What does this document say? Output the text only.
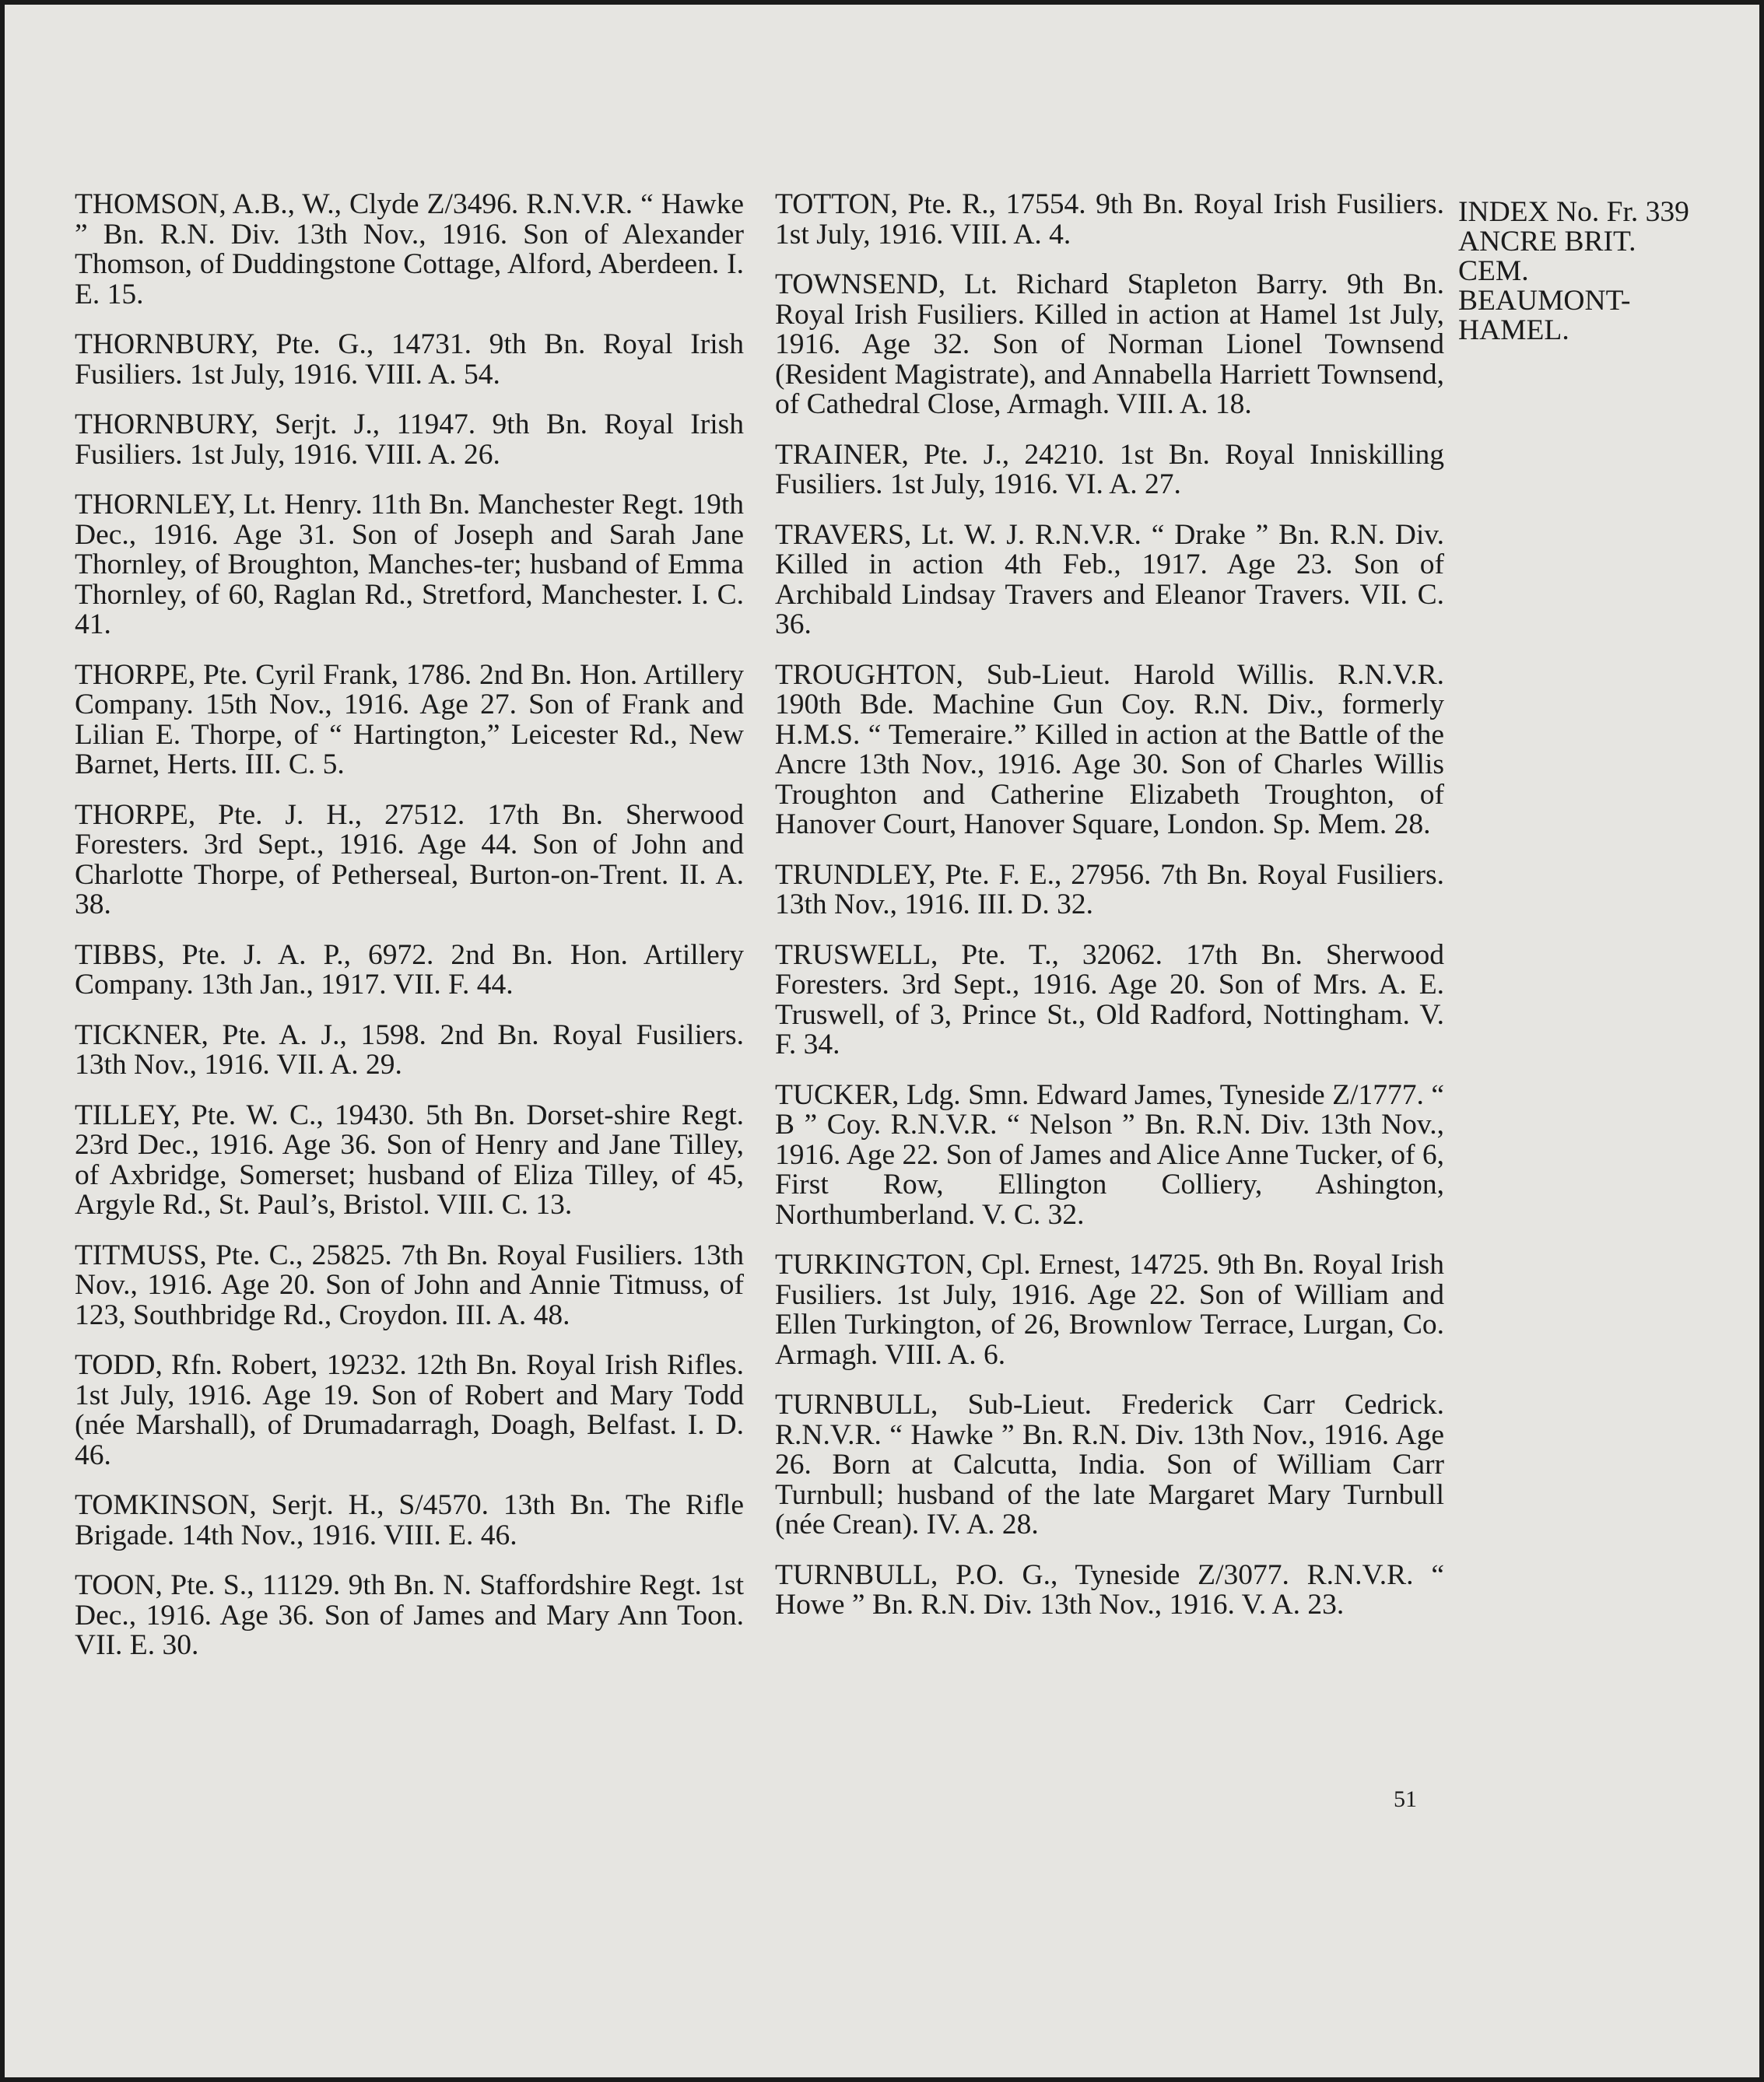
THOMSON, A.B., W., Clyde Z/3496. R.N.V.R. “ Hawke ” Bn. R.N. Div. 13th Nov., 1916. Son of Alexander Thomson, of Duddingstone Cottage, Alford, Aberdeen. I. E. 15.

THORNBURY, Pte. G., 14731. 9th Bn. Royal Irish Fusiliers. 1st July, 1916. VIII. A. 54.

THORNBURY, Serjt. J., 11947. 9th Bn. Royal Irish Fusiliers. 1st July, 1916. VIII. A. 26.

THORNLEY, Lt. Henry. 11th Bn. Manchester Regt. 19th Dec., 1916. Age 31. Son of Joseph and Sarah Jane Thornley, of Broughton, Manches-ter; husband of Emma Thornley, of 60, Raglan Rd., Stretford, Manchester. I. C. 41.

THORPE, Pte. Cyril Frank, 1786. 2nd Bn. Hon. Artillery Company. 15th Nov., 1916. Age 27. Son of Frank and Lilian E. Thorpe, of “ Hartington,” Leicester Rd., New Barnet, Herts. III. C. 5.

THORPE, Pte. J. H., 27512. 17th Bn. Sherwood Foresters. 3rd Sept., 1916. Age 44. Son of John and Charlotte Thorpe, of Petherseal, Burton-on-Trent. II. A. 38.

TIBBS, Pte. J. A. P., 6972. 2nd Bn. Hon. Artillery Company. 13th Jan., 1917. VII. F. 44.

TICKNER, Pte. A. J., 1598. 2nd Bn. Royal Fusiliers. 13th Nov., 1916. VII. A. 29.

TILLEY, Pte. W. C., 19430. 5th Bn. Dorset-shire Regt. 23rd Dec., 1916. Age 36. Son of Henry and Jane Tilley, of Axbridge, Somerset; husband of Eliza Tilley, of 45, Argyle Rd., St. Paul’s, Bristol. VIII. C. 13.

TITMUSS, Pte. C., 25825. 7th Bn. Royal Fusiliers. 13th Nov., 1916. Age 20. Son of John and Annie Titmuss, of 123, Southbridge Rd., Croydon. III. A. 48.

TODD, Rfn. Robert, 19232. 12th Bn. Royal Irish Rifles. 1st July, 1916. Age 19. Son of Robert and Mary Todd (née Marshall), of Drumadarragh, Doagh, Belfast. I. D. 46.

TOMKINSON, Serjt. H., S/4570. 13th Bn. The Rifle Brigade. 14th Nov., 1916. VIII. E. 46.

TOON, Pte. S., 11129. 9th Bn. N. Staffordshire Regt. 1st Dec., 1916. Age 36. Son of James and Mary Ann Toon. VII. E. 30.

TOTTON, Pte. R., 17554. 9th Bn. Royal Irish Fusiliers. 1st July, 1916. VIII. A. 4.

TOWNSEND, Lt. Richard Stapleton Barry. 9th Bn. Royal Irish Fusiliers. Killed in action at Hamel 1st July, 1916. Age 32. Son of Norman Lionel Townsend (Resident Magistrate), and Annabella Harriett Townsend, of Cathedral Close, Armagh. VIII. A. 18.

TRAINER, Pte. J., 24210. 1st Bn. Royal Inniskilling Fusiliers. 1st July, 1916. VI. A. 27.

TRAVERS, Lt. W. J. R.N.V.R. “ Drake ” Bn. R.N. Div. Killed in action 4th Feb., 1917. Age 23. Son of Archibald Lindsay Travers and Eleanor Travers. VII. C. 36.

TROUGHTON, Sub-Lieut. Harold Willis. R.N.V.R. 190th Bde. Machine Gun Coy. R.N. Div., formerly H.M.S. “ Temeraire.” Killed in action at the Battle of the Ancre 13th Nov., 1916. Age 30. Son of Charles Willis Troughton and Catherine Elizabeth Troughton, of Hanover Court, Hanover Square, London. Sp. Mem. 28.

TRUNDLEY, Pte. F. E., 27956. 7th Bn. Royal Fusiliers. 13th Nov., 1916. III. D. 32.

TRUSWELL, Pte. T., 32062. 17th Bn. Sherwood Foresters. 3rd Sept., 1916. Age 20. Son of Mrs. A. E. Truswell, of 3, Prince St., Old Radford, Nottingham. V. F. 34.

TUCKER, Ldg. Smn. Edward James, Tyneside Z/1777. “ B ” Coy. R.N.V.R. “ Nelson ” Bn. R.N. Div. 13th Nov., 1916. Age 22. Son of James and Alice Anne Tucker, of 6, First Row, Ellington Colliery, Ashington, Northumberland. V. C. 32.

TURKINGTON, Cpl. Ernest, 14725. 9th Bn. Royal Irish Fusiliers. 1st July, 1916. Age 22. Son of William and Ellen Turkington, of 26, Brownlow Terrace, Lurgan, Co. Armagh. VIII. A. 6.

TURNBULL, Sub-Lieut. Frederick Carr Cedrick. R.N.V.R. “ Hawke ” Bn. R.N. Div. 13th Nov., 1916. Age 26. Born at Calcutta, India. Son of William Carr Turnbull; husband of the late Margaret Mary Turnbull (née Crean). IV. A. 28.

TURNBULL, P.O. G., Tyneside Z/3077. R.N.V.R. “ Howe ” Bn. R.N. Div. 13th Nov., 1916. V. A. 23.

INDEX No. Fr. 339
ANCRE BRIT.
CEM.
BEAUMONT-
HAMEL.
51
